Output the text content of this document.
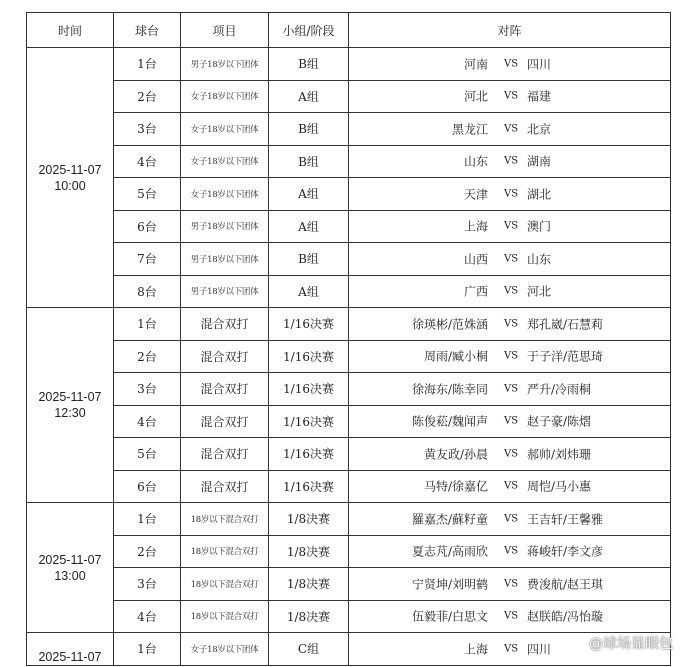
时间	球台	项目	小组/阶段	对阵
2025-11-07
10:00	1台	男子18岁以下团体	B组	河南 VS 四川

	2台	女子18岁以下团体	A组	河北 VS 福建

	3台	女子18岁以下团体	B组	黑龙江 VS 北京

	4台	女子18岁以下团体	B组	山东 VS 湖南

	5台	女子18岁以下团体	A组	天津 VS 湖北

	6台	男子18岁以下团体	A组	上海 VS 澳门

	7台	男子18岁以下团体	B组	山西 VS 山东

	8台	男子18岁以下团体	A组	广西 VS 河北

2025-11-07
12:30	1台	混合双打	1/16决赛	徐瑛彬/范姝涵 VS 郑孔崴/石慧莉

	2台	混合双打	1/16决赛	周雨/臧小桐 VS 于子洋/范思琦

	3台	混合双打	1/16决赛	徐海东/陈幸同 VS 严升/冷雨桐

	4台	混合双打	1/16决赛	陈俊菘/魏闻声 VS 赵子豪/陈熠

	5台	混合双打	1/16决赛	黄友政/孙晨 VS 郝帅/刘炜珊

	6台	混合双打	1/16决赛	马特/徐嘉亿 VS 周恺/马小惠

2025-11-07
13:00	1台	18岁以下混合双打	1/8决赛	羅嘉杰/蘇籽童 VS 王吉轩/王馨雅

	2台	18岁以下混合双打	1/8决赛	夏志芃/高雨欣 VS 蒋峻轩/李文彦

	3台	18岁以下混合双打	1/8决赛	宁贤坤/刘明鹤 VS 费浚航/赵王琪

	4台	18岁以下混合双打	1/8决赛	伍毅菲/白思文 VS 赵朕皓/冯怡璇

2025-11-07	1台	女子18岁以下团体	C组	上海 VS 四川	@球场显眼包
